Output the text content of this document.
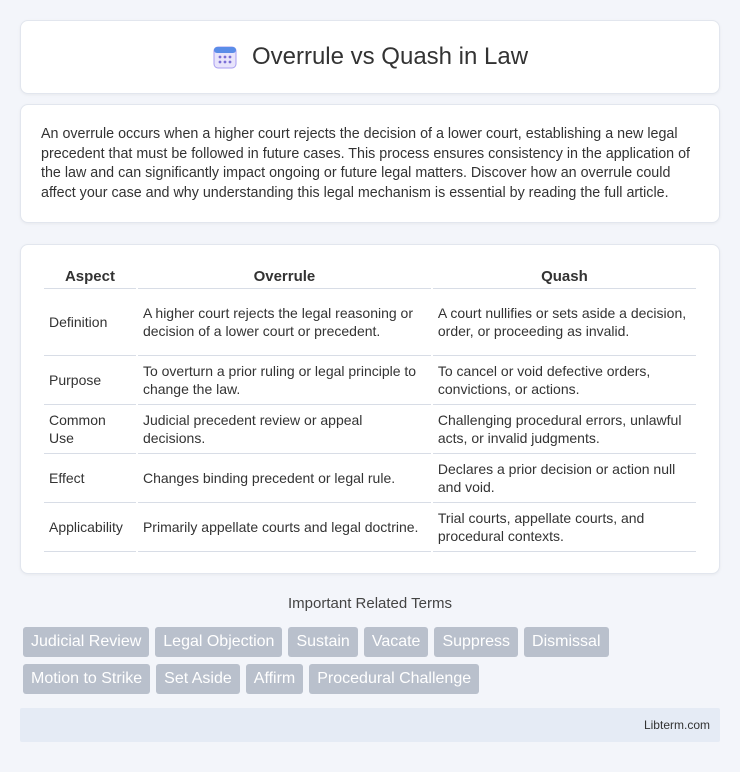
Overrule vs Quash in Law

An overrule occurs when a higher court rejects the decision of a lower court, establishing a new legal precedent that must be followed in future cases. This process ensures consistency in the application of the law and can significantly impact ongoing or future legal matters. Discover how an overrule could affect your case and why understanding this legal mechanism is essential by reading the full article.

Aspect	Overrule	Quash
Definition	A higher court rejects the legal reasoning or decision of a lower court or precedent.	A court nullifies or sets aside a decision, order, or proceeding as invalid.
Purpose	To overturn a prior ruling or legal principle to change the law.	To cancel or void defective orders, convictions, or actions.
Common Use	Judicial precedent review or appeal decisions.	Challenging procedural errors, unlawful acts, or invalid judgments.
Effect	Changes binding precedent or legal rule.	Declares a prior decision or action null and void.
Applicability	Primarily appellate courts and legal doctrine.	Trial courts, appellate courts, and procedural contexts.
Important Related Terms
Judicial Review	Legal Objection	Sustain	Vacate	Suppress	Dismissal
Motion to Strike	Set Aside	Affirm	Procedural Challenge
Libterm.com
